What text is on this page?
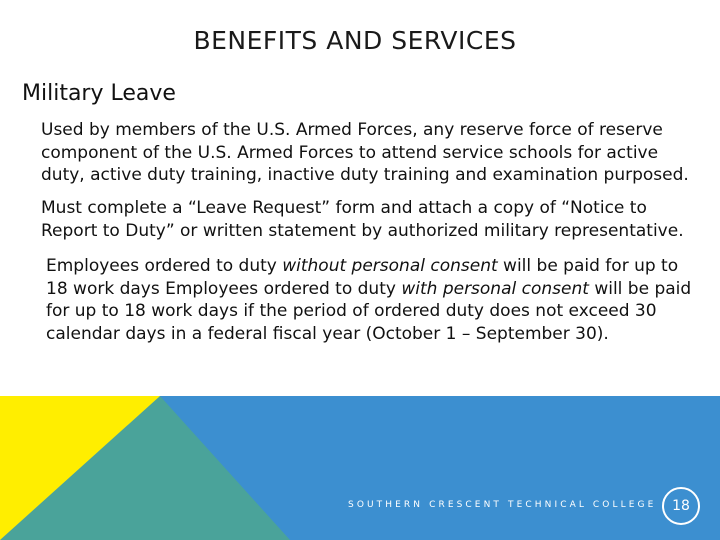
BENEFITS AND SERVICES
Military Leave

Used by members of the U.S. Armed Forces, any reserve force of reserve
component of the U.S. Armed Forces to attend service schools for active
duty, active duty training, inactive duty training and examination purposed.

Must complete a “Leave Request” form and attach a copy of “Notice to
Report to Duty” or written statement by authorized military representative.

Employees ordered to duty without personal consent will be paid for up to
18 work days Employees ordered to duty with personal consent will be paid
for up to 18 work days if the period of ordered duty does not exceed 30
calendar days in a federal fiscal year (October 1 – September 30).

SOUTHERN CRESCENT TECHNICAL COLLEGE 18
